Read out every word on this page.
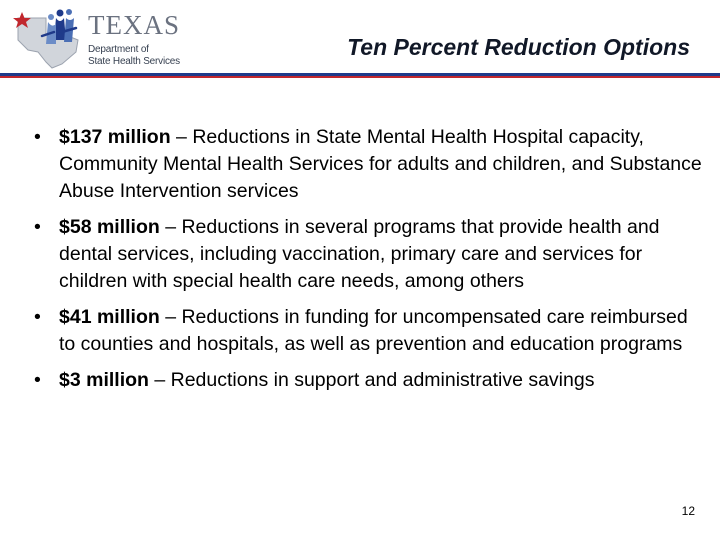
TEXAS
Department of
State Health Services
Ten Percent Reduction Options
• $137 million – Reductions in State Mental Health Hospital capacity, Community Mental Health Services for adults and children, and Substance Abuse Intervention services
• $58 million – Reductions in several programs that provide health and dental services, including vaccination, primary care and services for children with special health care needs, among others
• $41 million – Reductions in funding for uncompensated care reimbursed to counties and hospitals, as well as prevention and education programs
• $3 million – Reductions in support and administrative savings
12
